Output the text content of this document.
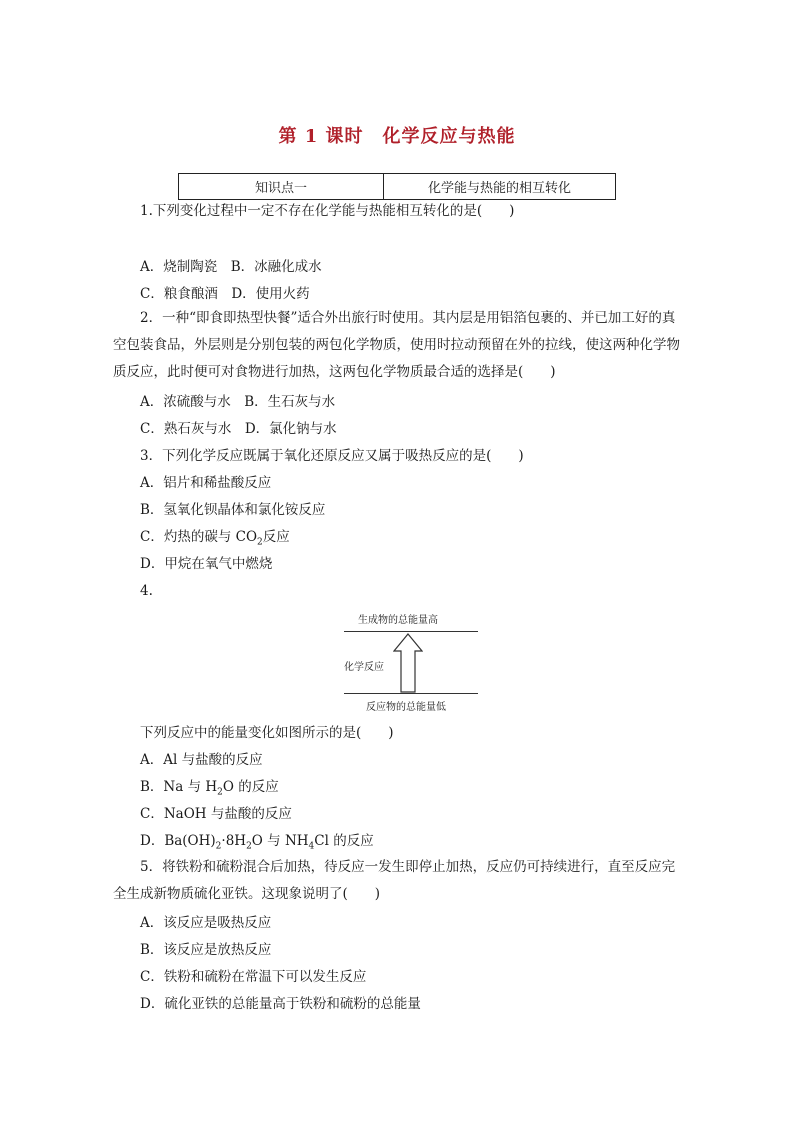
第 1 课时　化学反应与热能
知识点一	化学能与热能的相互转化
1.下列变化过程中一定不存在化学能与热能相互转化的是(　　)
A．烧制陶瓷　B．冰融化成水
C．粮食酿酒　D．使用火药
2．一种“即食即热型快餐”适合外出旅行时使用。其内层是用铝箔包裹的、并已加工好的真空包装食品，外层则是分别包装的两包化学物质，使用时拉动预留在外的拉线，使这两种化学物质反应，此时便可对食物进行加热，这两包化学物质最合适的选择是(　　)
A．浓硫酸与水　B．生石灰与水
C．熟石灰与水　D．氯化钠与水
3．下列化学反应既属于氧化还原反应又属于吸热反应的是(　　)
A．铝片和稀盐酸反应
B．氢氧化钡晶体和氯化铵反应
C．灼热的碳与 $CO_2$反应
D．甲烷在氧气中燃烧
4.
生成物的总能量高
化学反应
反应物的总能量低
下列反应中的能量变化如图所示的是(　　)
A．Al 与盐酸的反应
B．Na 与 $H_2O$ 的反应
C．NaOH 与盐酸的反应
D．$Ba(OH)_2\cdot 8H_2O$ 与 $NH_4Cl$ 的反应
5．将铁粉和硫粉混合后加热，待反应一发生即停止加热，反应仍可持续进行，直至反应完全生成新物质硫化亚铁。这现象说明了(　　)
A．该反应是吸热反应
B．该反应是放热反应
C．铁粉和硫粉在常温下可以发生反应
D．硫化亚铁的总能量高于铁粉和硫粉的总能量
